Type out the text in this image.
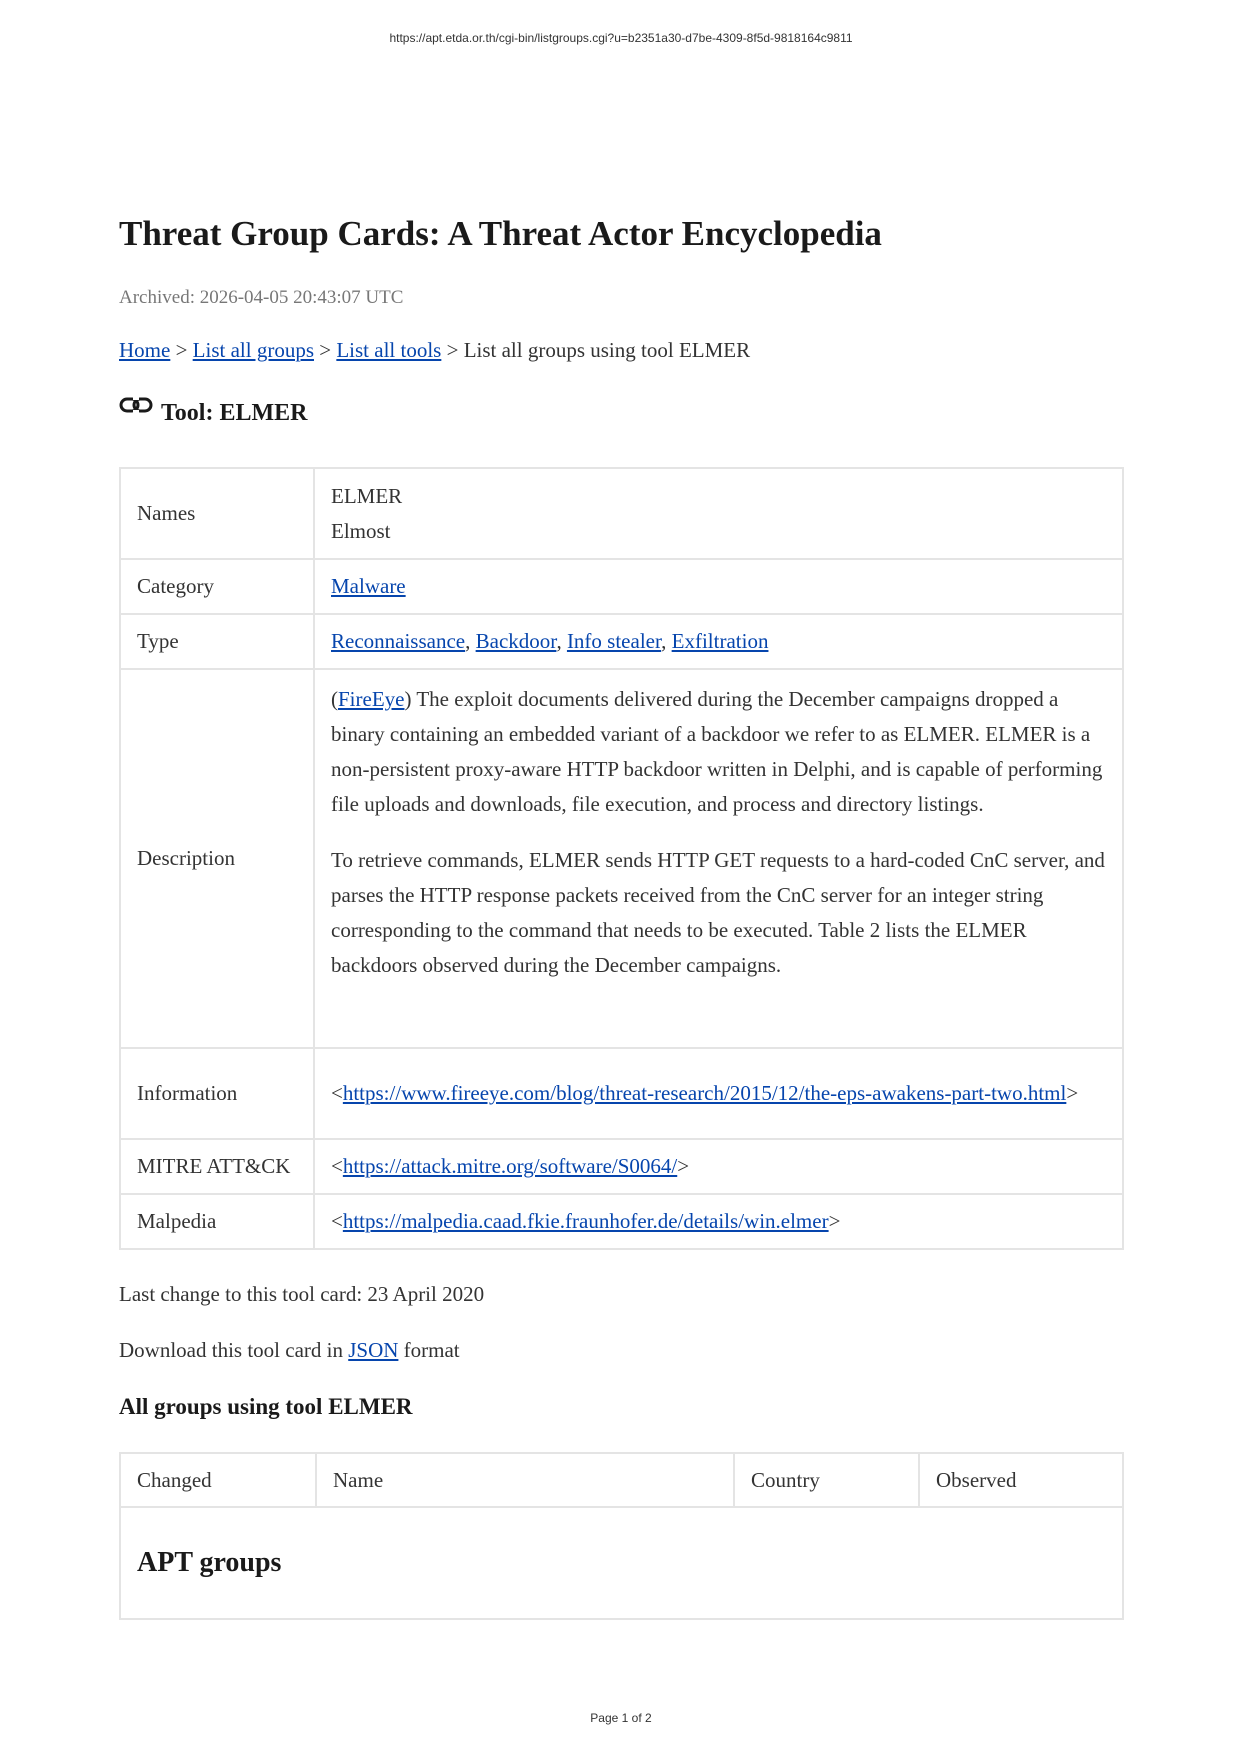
https://apt.etda.or.th/cgi-bin/listgroups.cgi?u=b2351a30-d7be-4309-8f5d-9818164c9811
Threat Group Cards: A Threat Actor Encyclopedia
Archived: 2026-04-05 20:43:07 UTC
Home > List all groups > List all tools > List all groups using tool ELMER
Tool: ELMER
Names	ELMER

Elmost

Category	Malware
Type	Reconnaissance, Backdoor, Info stealer, Exfiltration
Description	(FireEye) The exploit documents delivered during the December campaigns dropped a binary containing an embedded variant of a backdoor we refer to as ELMER. ELMER is a non-persistent proxy-aware HTTP backdoor written in Delphi, and is capable of performing file uploads and downloads, file execution, and process and directory listings.

To retrieve commands, ELMER sends HTTP GET requests to a hard-coded CnC server, and parses the HTTP response packets received from the CnC server for an integer string corresponding to the command that needs to be executed. Table 2 lists the ELMER backdoors observed during the December campaigns.

Information	<https://www.fireeye.com/blog/threat-research/2015/12/the-eps-awakens-part-two.html>

MITRE ATT&CK	<https://attack.mitre.org/software/S0064/>
Malpedia	<https://malpedia.caad.fkie.fraunhofer.de/details/win.elmer>
Last change to this tool card: 23 April 2020
Download this tool card in JSON format
All groups using tool ELMER
Changed	Name	Country	Observed
APT groups
Page 1 of 2
